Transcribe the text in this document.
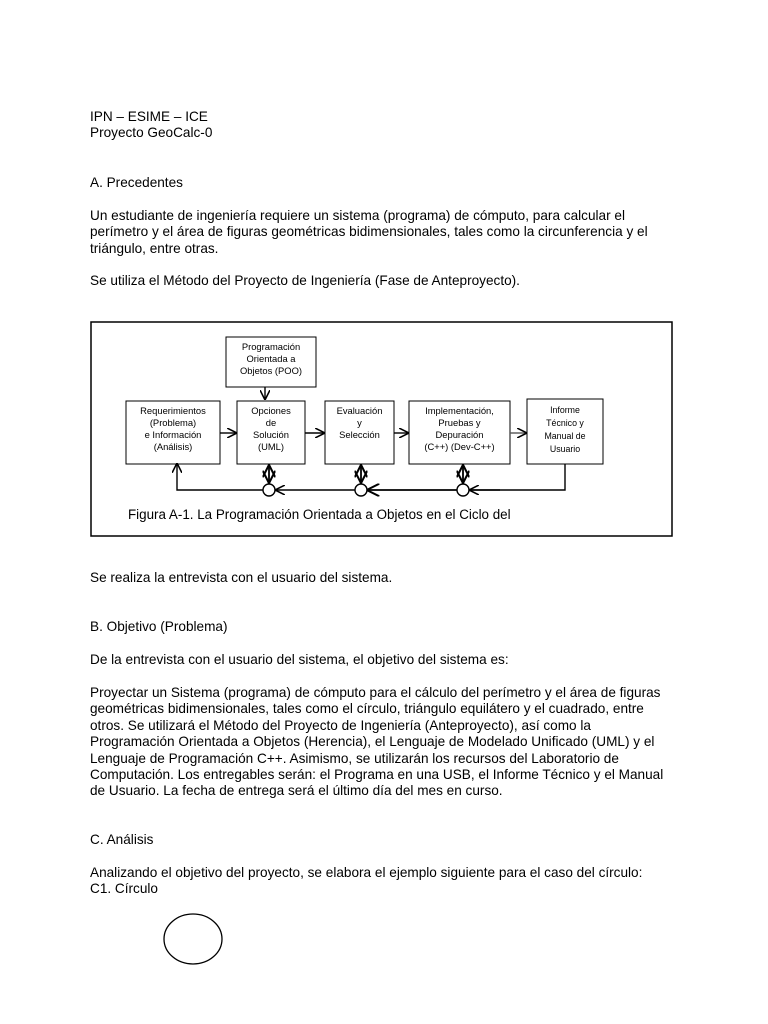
IPN – ESIME – ICE
Proyecto GeoCalc-0
A. Precedentes
Un estudiante de ingeniería requiere un sistema (programa) de cómputo, para calcular el
perímetro y el área de figuras geométricas bidimensionales, tales como la circunferencia y el
triángulo, entre otras.
Se utiliza el Método del Proyecto de Ingeniería (Fase de Anteproyecto).
Programación
Orientada a
Objetos (POO)
Requerimientos
(Problema)
e Información
(Análisis)
Opciones
de
Solución
(UML)
Evaluación
y
Selección
Implementación,
Pruebas y
Depuración
(C++) (Dev-C++)
Informe
Técnico y
Manual de
Usuario
Figura A-1. La Programación Orientada a Objetos en el Ciclo del
Se realiza la entrevista con el usuario del sistema.
B. Objetivo (Problema)
De la entrevista con el usuario del sistema, el objetivo del sistema es:
Proyectar un Sistema (programa) de cómputo para el cálculo del perímetro y el área de figuras
geométricas bidimensionales, tales como el círculo, triángulo equilátero y el cuadrado, entre
otros. Se utilizará el Método del Proyecto de Ingeniería (Anteproyecto), así como la
Programación Orientada a Objetos (Herencia), el Lenguaje de Modelado Unificado (UML) y el
Lenguaje de Programación C++. Asimismo, se utilizarán los recursos del Laboratorio de
Computación. Los entregables serán: el Programa en una USB, el Informe Técnico y el Manual
de Usuario. La fecha de entrega será el último día del mes en curso.
C. Análisis
Analizando el objetivo del proyecto, se elabora el ejemplo siguiente para el caso del círculo:
C1. Círculo
